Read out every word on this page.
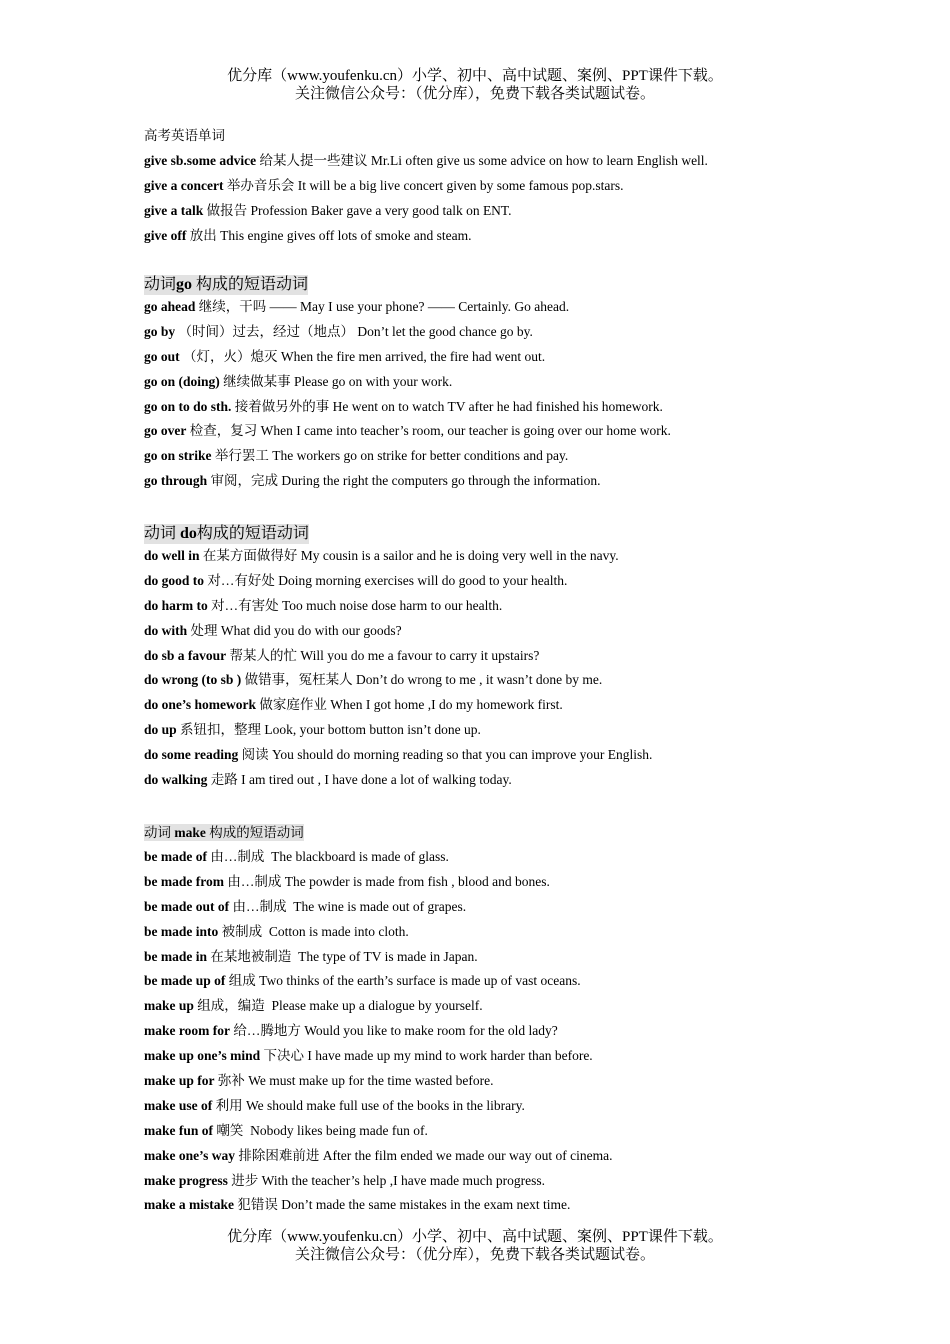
优分库（www.youfenku.cn）小学、初中、高中试题、案例、PPT课件下载。
关注微信公众号：（优分库），免费下载各类试题试卷。
高考英语单词
give sb.some advice 给某人提一些建议 Mr.Li often give us some advice on how to learn English well.
give a concert 举办音乐会 It will be a big live concert given by some famous pop.stars.
give a talk 做报告 Profession Baker gave a very good talk on ENT.
give off 放出 This engine gives off lots of smoke and steam.
动词go 构成的短语动词
go ahead 继续，干吗 —— May I use your phone? —— Certainly. Go ahead.
go by （时间）过去，经过（地点） Don’t let the good chance go by.
go out （灯，火）熄灭 When the fire men arrived, the fire had went out.
go on (doing) 继续做某事 Please go on with your work.
go on to do sth. 接着做另外的事 He went on to watch TV after he had finished his homework.
go over 检查，复习 When I came into teacher’s room, our teacher is going over our home work.
go on strike 举行罢工 The workers go on strike for better conditions and pay.
go through 审阅，完成 During the right the computers go through the information.
动词 do构成的短语动词
do well in 在某方面做得好 My cousin is a sailor and he is doing very well in the navy.
do good to 对…有好处 Doing morning exercises will do good to your health.
do harm to 对…有害处 Too much noise dose harm to our health.
do with 处理 What did you do with our goods?
do sb a favour 帮某人的忙 Will you do me a favour to carry it upstairs?
do wrong (to sb ) 做错事，冤枉某人 Don’t do wrong to me , it wasn’t done by me.
do one’s homework 做家庭作业 When I got home ,I do my homework first.
do up 系钮扣，整理 Look, your bottom button isn’t done up.
do some reading 阅读 You should do morning reading so that you can improve your English.
do walking 走路 I am tired out , I have done a lot of walking today.
动词 make 构成的短语动词
be made of 由…制成  The blackboard is made of glass.
be made from 由…制成 The powder is made from fish , blood and bones.
be made out of 由…制成  The wine is made out of grapes.
be made into 被制成  Cotton is made into cloth.
be made in 在某地被制造  The type of TV is made in Japan.
be made up of 组成 Two thinks of the earth’s surface is made up of vast oceans.
make up 组成，编造  Please make up a dialogue by yourself.
make room for 给…腾地方 Would you like to make room for the old lady?
make up one’s mind 下决心 I have made up my mind to work harder than before.
make up for 弥补 We must make up for the time wasted before.
make use of 利用 We should make full use of the books in the library.
make fun of 嘲笑  Nobody likes being made fun of.
make one’s way 排除困难前进 After the film ended we made our way out of cinema.
make progress 进步 With the teacher’s help ,I have made much progress.
make a mistake 犯错误 Don’t made the same mistakes in the exam next time.
优分库（www.youfenku.cn）小学、初中、高中试题、案例、PPT课件下载。
关注微信公众号：（优分库），免费下载各类试题试卷。
